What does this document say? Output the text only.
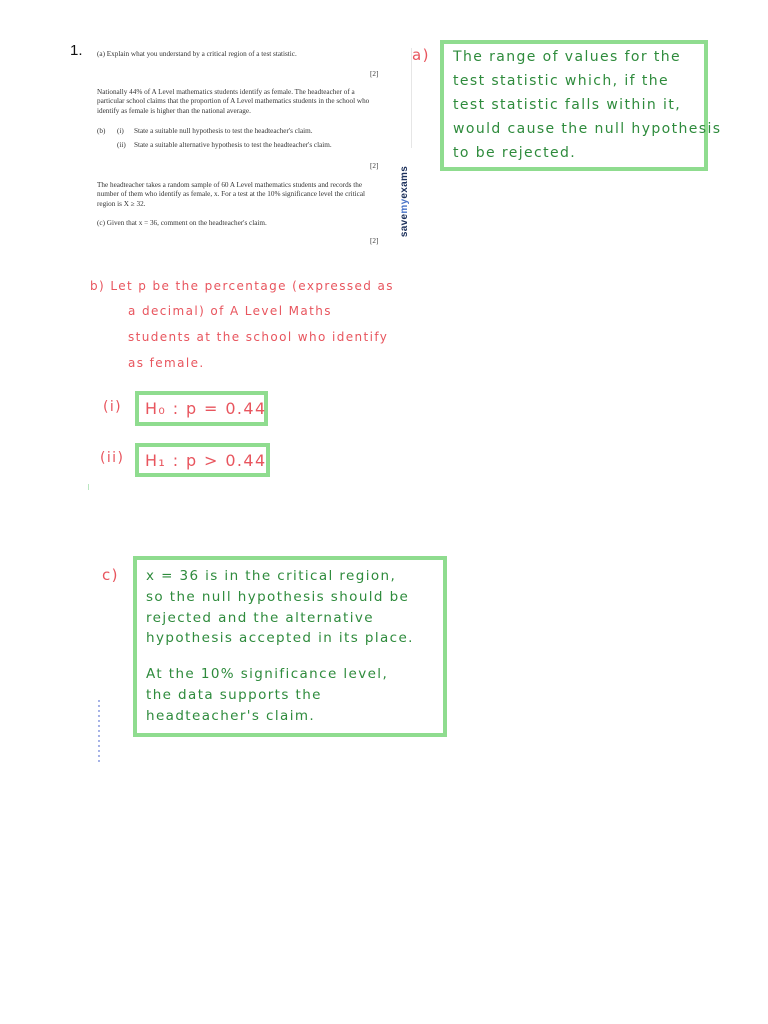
1. (a) Explain what you understand by a critical region of a test statistic.
[2]
Nationally 44% of A Level mathematics students identify as female. The headteacher of a particular school claims that the proportion of A Level mathematics students in the school who identify as female is higher than the national average.
(b) (i) State a suitable null hypothesis to test the headteacher's claim.
(ii) State a suitable alternative hypothesis to test the headteacher's claim.
[2]
The headteacher takes a random sample of 60 A Level mathematics students and records the number of them who identify as female, x. For a test at the 10% significance level the critical region is X ≥ 32.
(c) Given that x = 36, comment on the headteacher's claim.
[2]
savemyexams
a) The range of values for the
test statistic which, if the
test statistic falls within it,
would cause the null hypothesis
to be rejected.
b) Let p be the percentage (expressed as
a decimal) of A Level Maths
students at the school who identify
as female.
(i) H₀ : p = 0.44
(ii) H₁ : p > 0.44
c) x = 36 is in the critical region,
so the null hypothesis should be
rejected and the alternative
hypothesis accepted in its place.
At the 10% significance level,
the data supports the
headteacher's claim.
